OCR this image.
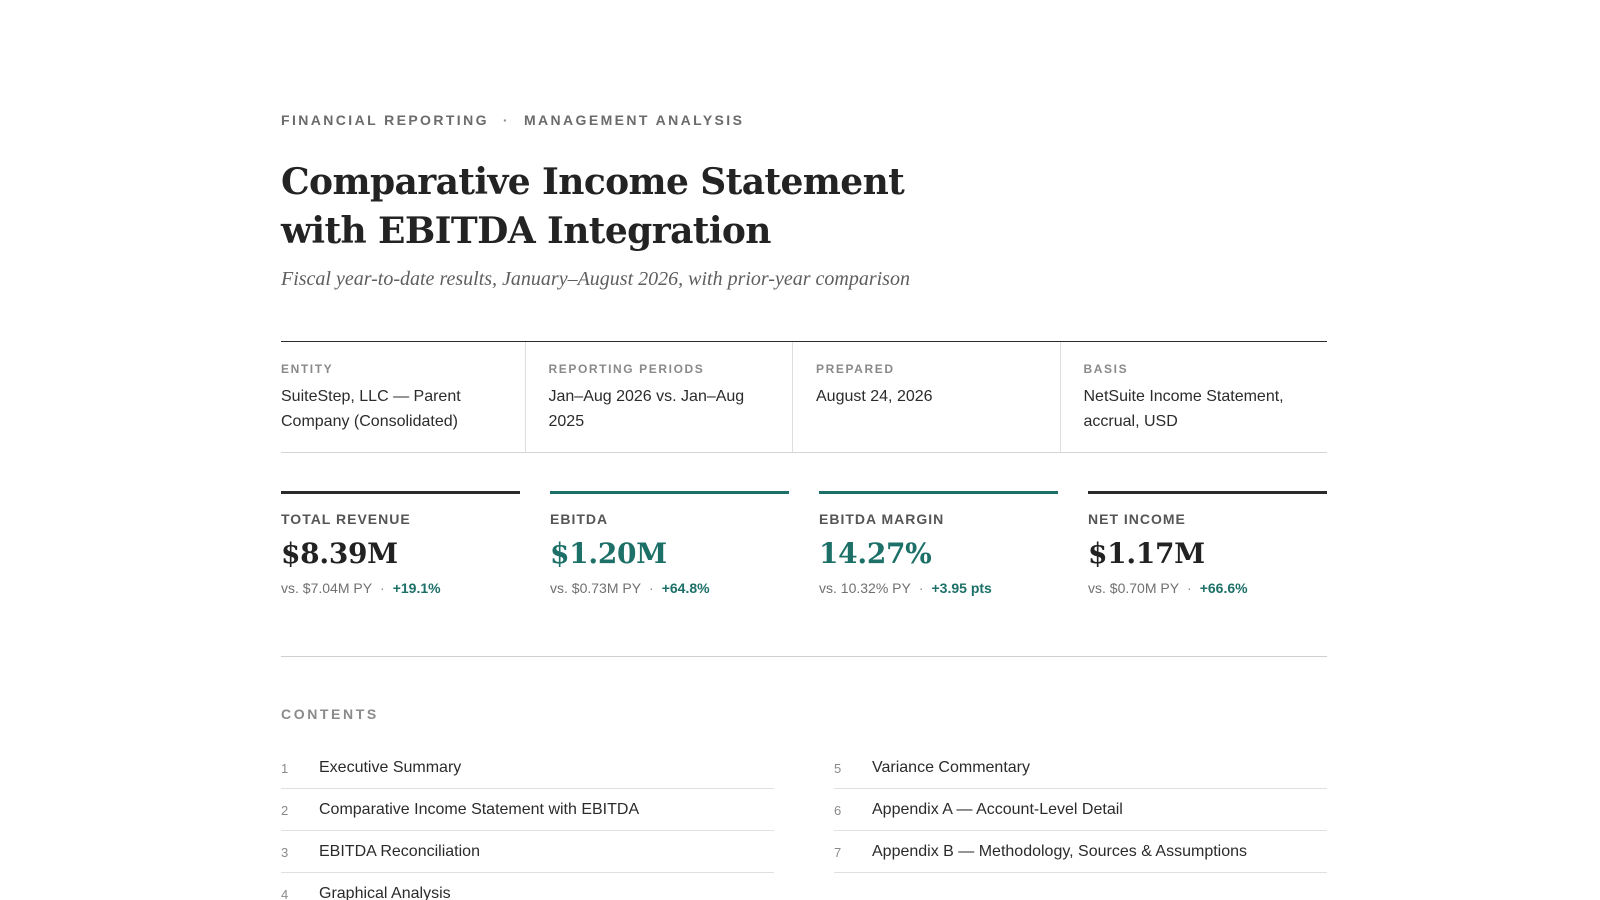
FINANCIAL REPORTING · MANAGEMENT ANALYSIS
Comparative Income Statement
with EBITDA Integration
Fiscal year-to-date results, January–August 2026, with prior-year comparison
ENTITY
SuiteStep, LLC — Parent Company (Consolidated)
REPORTING PERIODS
Jan–Aug 2026 vs. Jan–Aug 2025
PREPARED
August 24, 2026
BASIS
NetSuite Income Statement, accrual, USD
TOTAL REVENUE
$8.39M
vs. $7.04M PY · +19.1%
EBITDA
$1.20M
vs. $0.73M PY · +64.8%
EBITDA MARGIN
14.27%
vs. 10.32% PY · +3.95 pts
NET INCOME
$1.17M
vs. $0.70M PY · +66.6%
CONTENTS
1	Executive Summary
2	Comparative Income Statement with EBITDA
3	EBITDA Reconciliation
4	Graphical Analysis
5	Variance Commentary
6	Appendix A — Account-Level Detail
7	Appendix B — Methodology, Sources & Assumptions
